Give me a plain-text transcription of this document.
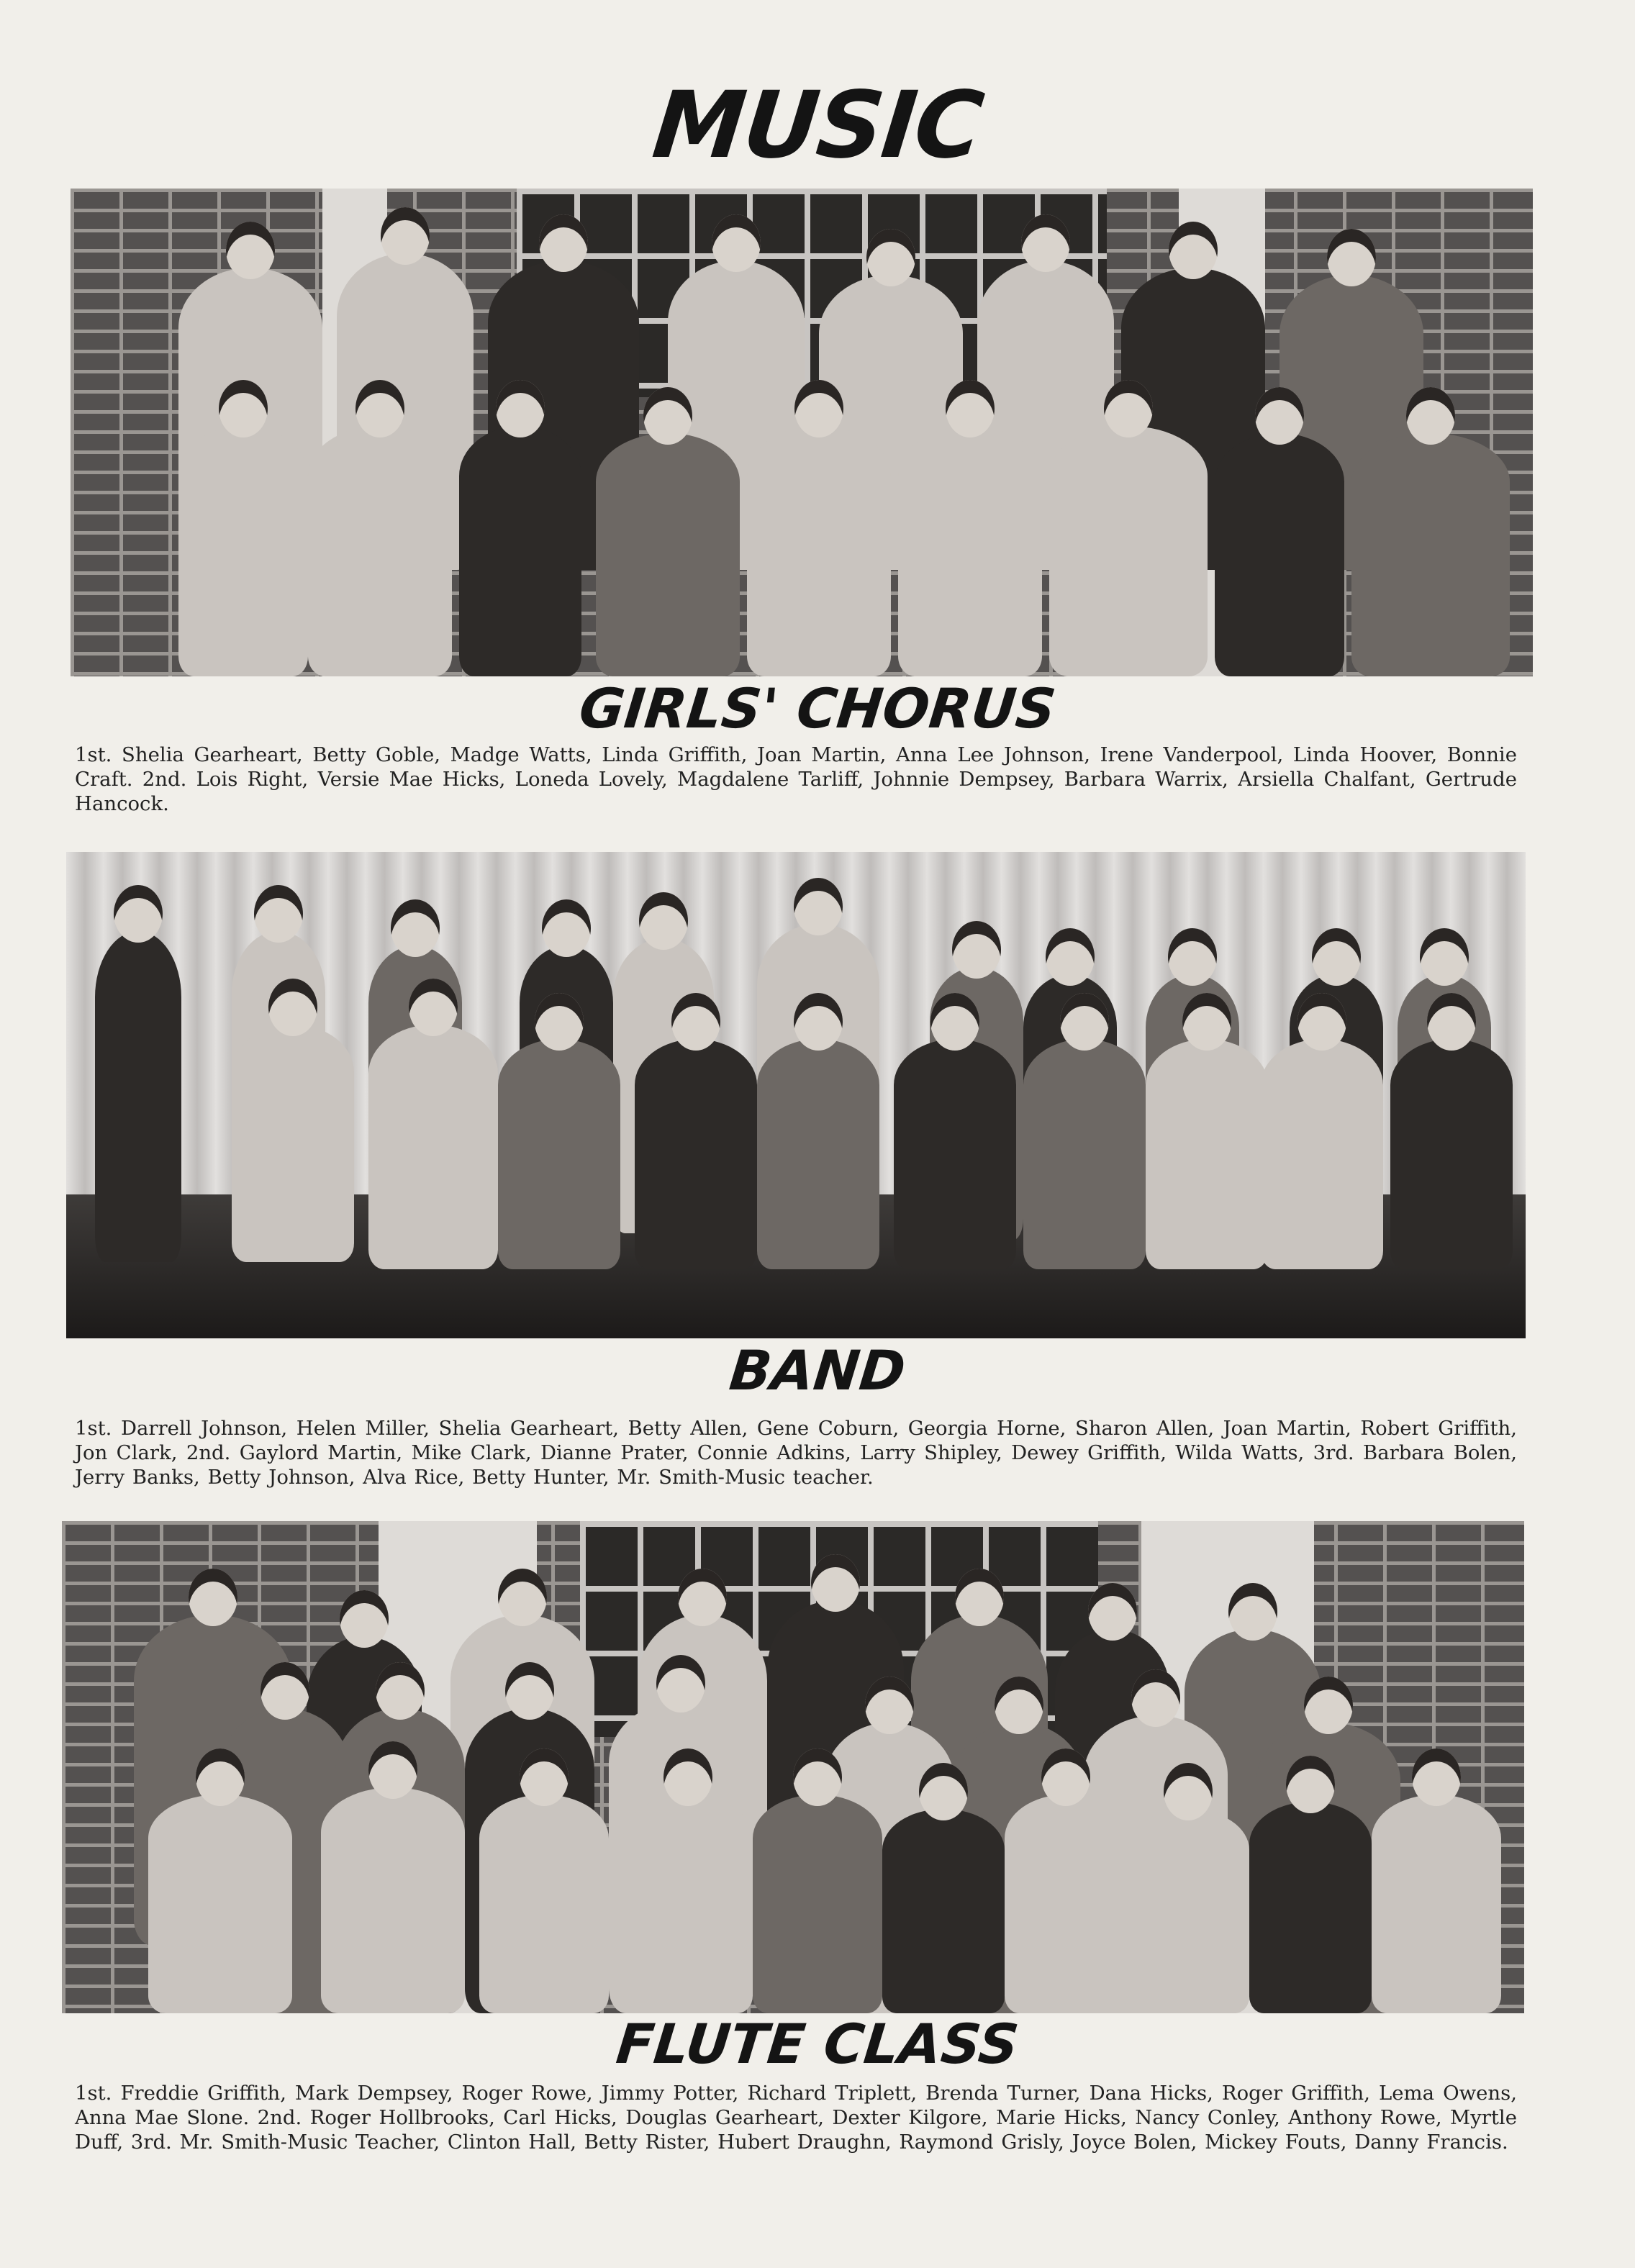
MUSIC
GIRLS' CHORUS
1st. Shelia Gearheart, Betty Goble, Madge Watts, Linda Griffith, Joan Martin, Anna Lee Johnson, Irene Vanderpool, Linda Hoover, Bonnie Craft. 2nd. Lois Right, Versie Mae Hicks, Loneda Lovely, Magdalene Tarliff, Johnnie Dempsey, Barbara Warrix, Arsiella Chalfant, Gertrude Hancock.
BAND
1st. Darrell Johnson, Helen Miller, Shelia Gearheart, Betty Allen, Gene Coburn, Georgia Horne, Sharon Allen, Joan Martin, Robert Griffith, Jon Clark, 2nd. Gaylord Martin, Mike Clark, Dianne Prater, Connie Adkins, Larry Shipley, Dewey Griffith, Wilda Watts, 3rd. Barbara Bolen, Jerry Banks, Betty Johnson, Alva Rice, Betty Hunter, Mr. Smith-Music teacher.
FLUTE CLASS
1st. Freddie Griffith, Mark Dempsey, Roger Rowe, Jimmy Potter, Richard Triplett, Brenda Turner, Dana Hicks, Roger Griffith, Lema Owens, Anna Mae Slone. 2nd. Roger Hollbrooks, Carl Hicks, Douglas Gearheart, Dexter Kilgore, Marie Hicks, Nancy Conley, Anthony Rowe, Myrtle Duff, 3rd. Mr. Smith-Music Teacher, Clinton Hall, Betty Rister, Hubert Draughn, Raymond Grisly, Joyce Bolen, Mickey Fouts, Danny Francis.
